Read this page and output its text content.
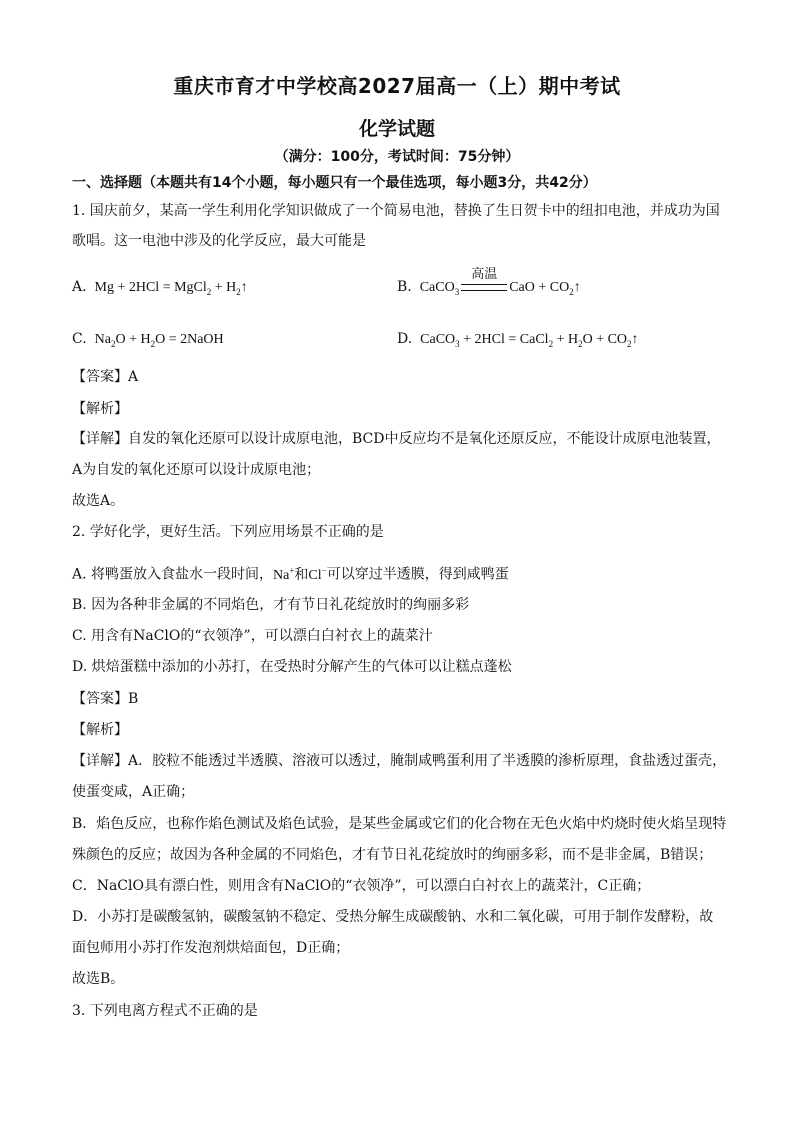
重庆市育才中学校高2027届高一（上）期中考试
化学试题
（满分：100分，考试时间：75分钟）
一、选择题（本题共有14个小题，每小题只有一个最佳选项，每小题3分，共42分）
1. 国庆前夕，某高一学生利用化学知识做成了一个简易电池，替换了生日贺卡中的纽扣电池，并成功为国
歌唱。这一电池中涉及的化学反应，最大可能是
A.  Mg + 2HCl = MgCl$_2$ + $H_2↑$	B.  CaCO$_3$
高温
CaO + $CO_2↑$
C.  $Na_2O + H_2O$ = 2NaOH	D.  CaCO$_3$ + 2HCl = CaCl$_2$ + $H_2O$ + $CO_2↑$
【答案】A
【解析】
【详解】自发的氧化还原可以设计成原电池，BCD中反应均不是氧化还原反应，不能设计成原电池装置，
A为自发的氧化还原可以设计成原电池；
故选A。
2. 学好化学，更好生活。下列应用场景不正确的是
A. 将鸭蛋放入食盐水一段时间，Na+和Cl−可以穿过半透膜，得到咸鸭蛋
B. 因为各种非金属的不同焰色，才有节日礼花绽放时的绚丽多彩
C. 用含有NaClO的“衣领净”，可以漂白白衬衣上的蔬菜汁
D. 烘焙蛋糕中添加的小苏打，在受热时分解产生的气体可以让糕点蓬松
【答案】B
【解析】
【详解】A．胶粒不能透过半透膜、溶液可以透过，腌制咸鸭蛋利用了半透膜的渗析原理，食盐透过蛋壳，
使蛋变咸，A正确；
B．焰色反应，也称作焰色测试及焰色试验，是某些金属或它们的化合物在无色火焰中灼烧时使火焰呈现特
殊颜色的反应；故因为各种金属的不同焰色，才有节日礼花绽放时的绚丽多彩，而不是非金属，B错误；
C．NaClO具有漂白性，则用含有NaClO的“衣领净”，可以漂白白衬衣上的蔬菜汁，C正确；
D．小苏打是碳酸氢钠，碳酸氢钠不稳定、受热分解生成碳酸钠、水和二氧化碳，可用于制作发酵粉，故
面包师用小苏打作发泡剂烘焙面包，D正确；
故选B。
3. 下列电离方程式不正确的是
